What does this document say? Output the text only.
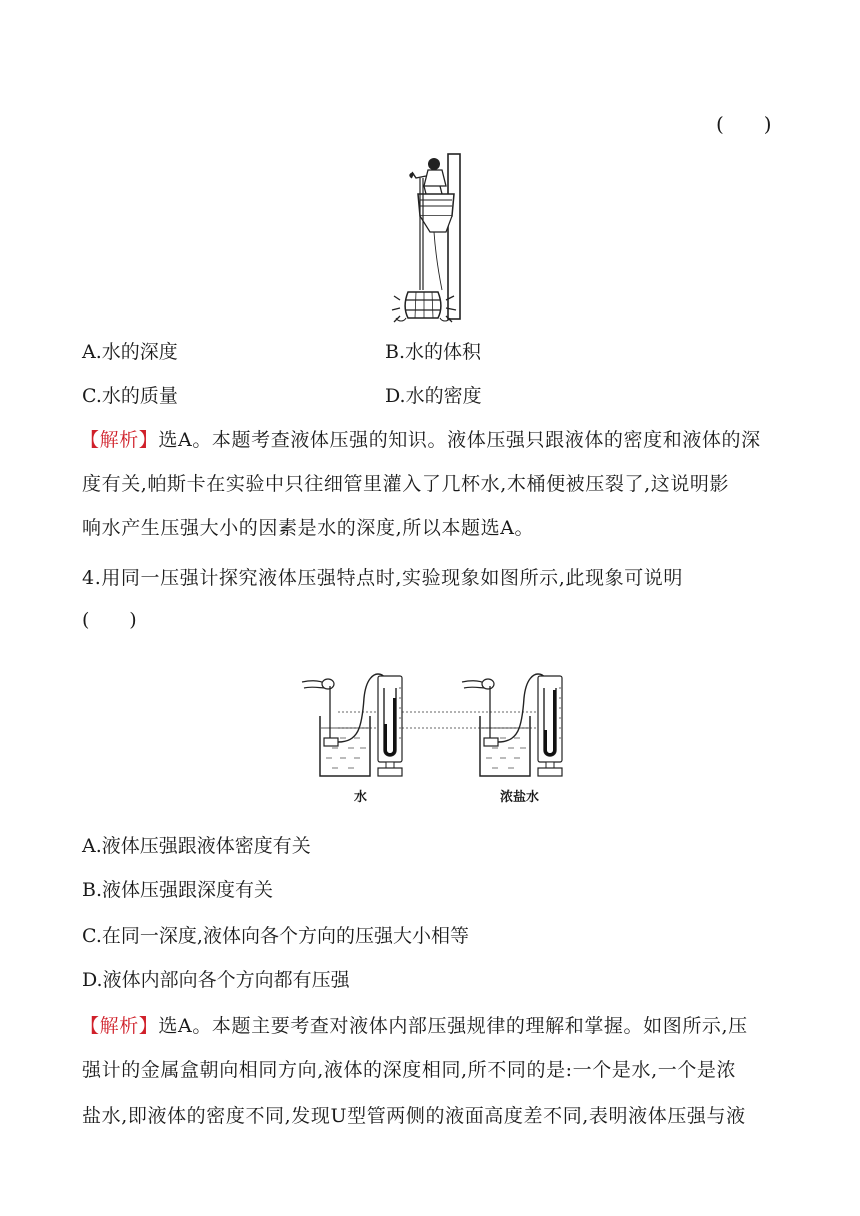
(　　)
A.水的深度	B.水的体积
C.水的质量	D.水的密度
【解析】选A。本题考查液体压强的知识。液体压强只跟液体的密度和液体的深
度有关,帕斯卡在实验中只往细管里灌入了几杯水,木桶便被压裂了,这说明影
响水产生压强大小的因素是水的深度,所以本题选A。
4.用同一压强计探究液体压强特点时,实验现象如图所示,此现象可说明
(　　)
水	浓盐水
A.液体压强跟液体密度有关
B.液体压强跟深度有关
C.在同一深度,液体向各个方向的压强大小相等
D.液体内部向各个方向都有压强
【解析】选A。本题主要考查对液体内部压强规律的理解和掌握。如图所示,压
强计的金属盒朝向相同方向,液体的深度相同,所不同的是:一个是水,一个是浓
盐水,即液体的密度不同,发现U型管两侧的液面高度差不同,表明液体压强与液
